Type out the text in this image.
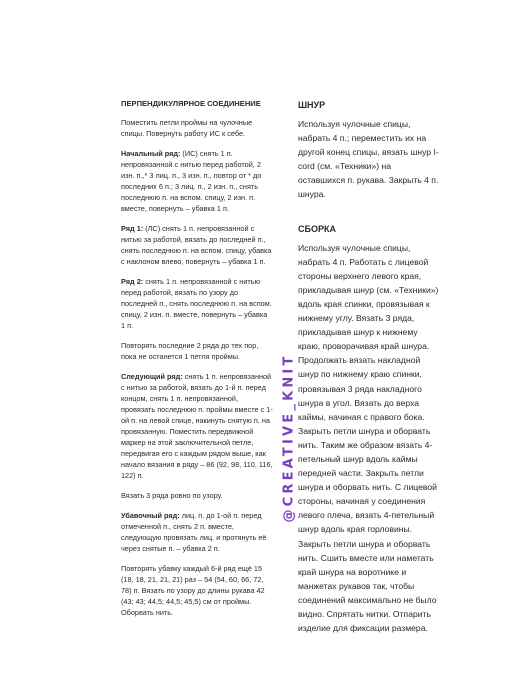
ПЕРПЕНДИКУЛЯРНОЕ СОЕДИНЕНИЕ

Поместить петли проймы на чулочные спицы. Повернуть работу ИС к себе.

Начальный ряд: (ИС) снять 1 п. непровязанной с нитью перед работой, 2 изн. п.,* 3 лиц. п., 3 изн. п., повтор от * до последних 6 п.; 3 лиц. п., 2 изн. п., снять последнюю п. на вспом. спицу, 2 изн. п. вместе, повернуть – убавка 1 п.

Ряд 1: (ЛС) снять 1 п. непровязанной с нитью за работой, вязать до последней п., снять последнюю п. на вспом. спицу, убавка с наклоном влево, повернуть – убавка 1 п.

Ряд 2: снять 1 п. непровязанной с нитью перед работой, вязать по узору до последней п., снять последнюю п. на вспом. спицу, 2 изн. п. вместе, повернуть – убавка 1 п.

Повторять последние 2 ряда до тех пор, пока не останется 1 петля проймы.

Следующий ряд: снять 1 п. непровязанной с нитью за работой, вязать до 1-й п. перед концом, снять 1 п. непровязанной, провязать последнюю п. проймы вместе с 1-ой п. на левой спице, накинуть снятую п. на провязанную. Поместить передвижной маркер на этой заключительной петле, передвигая его с каждым рядом выше, как начало вязания в ряду – 86 (92, 98, 110, 116, 122) п.

Вязать 3 ряда ровно по узору.

Убавочный ряд: лиц. п. до 1-ой п. перед отмеченной п., снять 2 п. вместе, следующую провязать лиц. и протянуть её через снятые п. – убавка 2 п.

Повторять убавку каждый 6-й ряд ещё 15 (18, 18, 21, 21, 21) раз – 54 (54, 60, 66, 72, 78) п. Вязать по узору до длины рукава 42 (43; 43; 44,5; 44,5; 45,5) см от проймы. Оборвать нить.

@CREATIVE_KNIT
ШНУР

Используя чулочные спицы, набрать 4 п.; переместить их на другой конец спицы, вязать шнур I-cord (см. «Техники») на оставшихся п. рукава. Закрыть 4 п. шнура.

СБОРКА

Используя чулочные спицы, набрать 4 п. Работать с лицевой стороны верхнего левого края, прикладывая шнур (см. «Техники») вдоль края спинки, провязывая к нижнему углу. Вязать 3 ряда, прикладывая шнур к нижнему краю, проворачивая край шнура. Продолжать вязать накладной шнур по нижнему краю спинки, провязывая 3 ряда накладного шнура в угол. Вязать до верха каймы, начиная с правого бока. Закрыть петли шнура и оборвать нить. Таким же образом вязать 4-петельный шнур вдоль каймы передней части. Закрыть петли шнура и оборвать нить. С лицевой стороны, начиная у соединения левого плеча, вязать 4-петельный шнур вдоль края горловины. Закрыть петли шнура и оборвать нить. Сшить вместе или наметать край шнура на воротнике и манжетах рукавов так, чтобы соединений максимально не было видно. Спрятать нитки. Отпарить изделие для фиксации размера.
